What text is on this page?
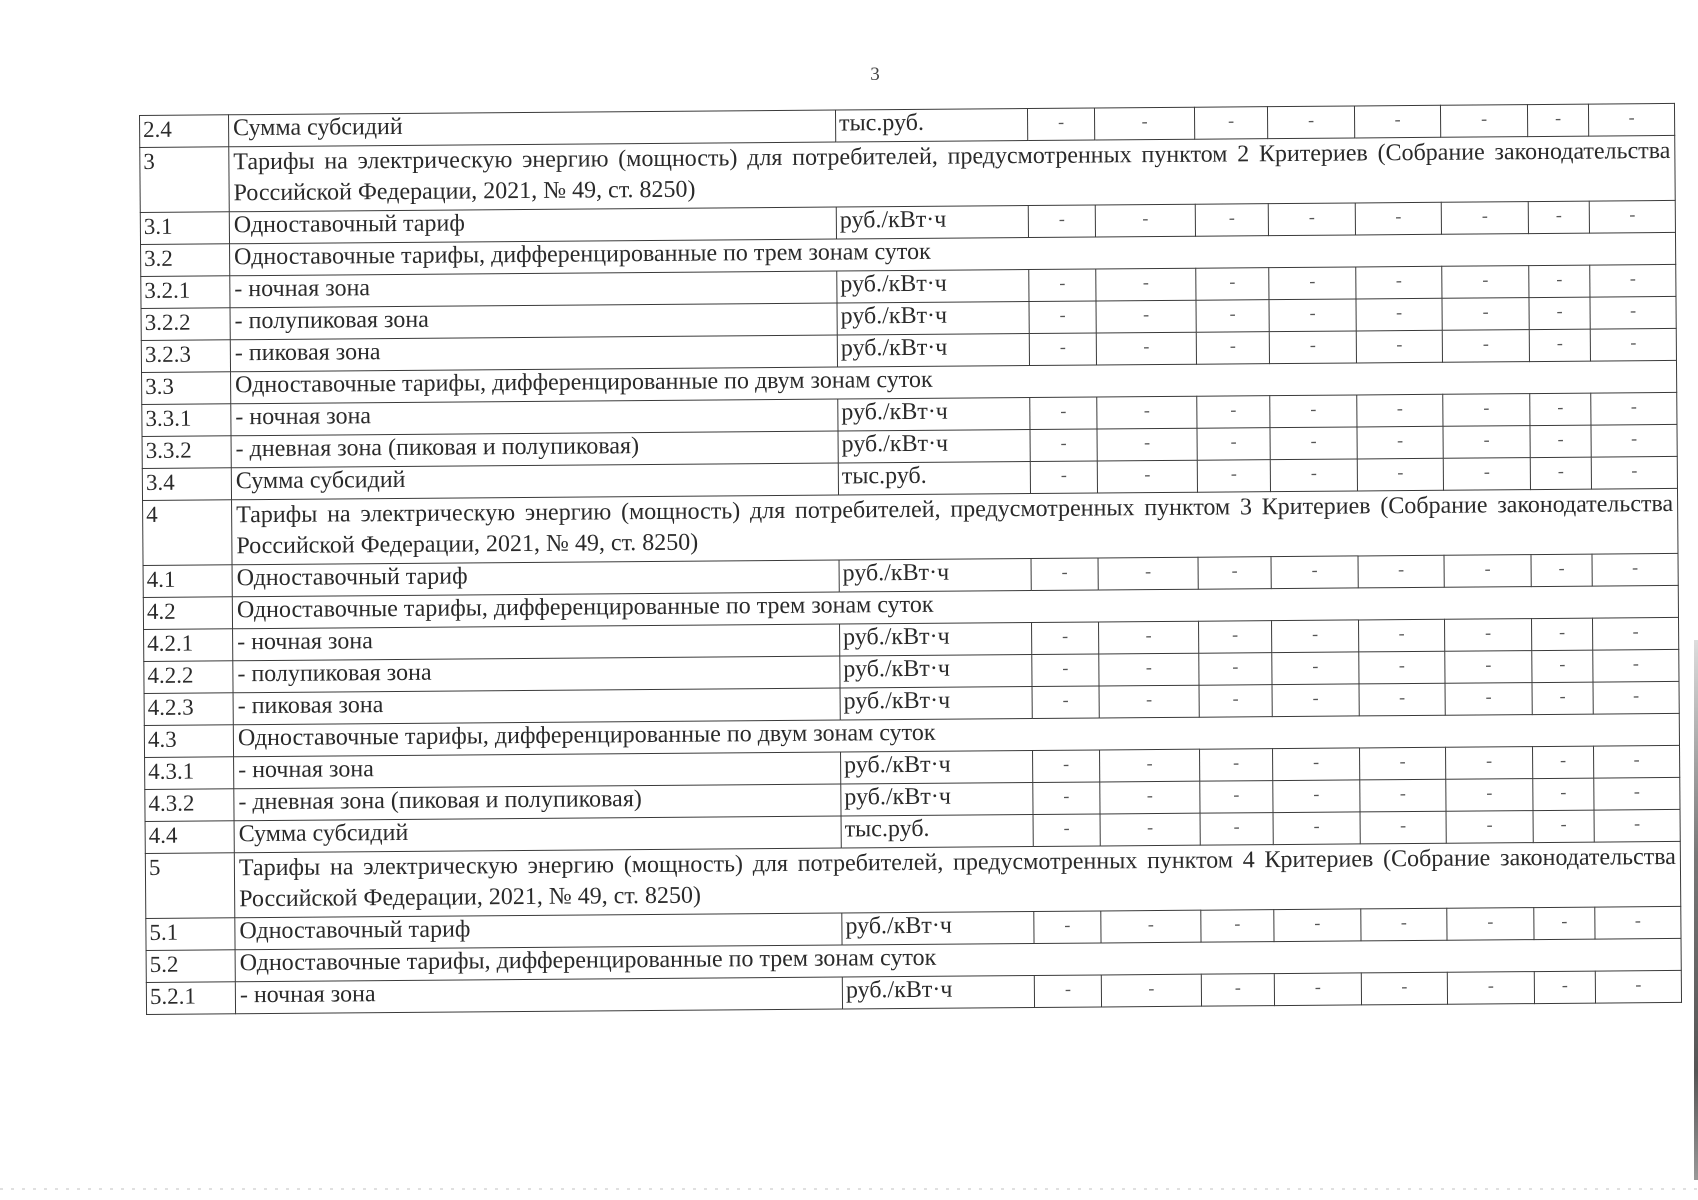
3
2.4	Сумма субсидий	тыс.руб.	-	-	-	-	-	-	-	-
3	Тарифы на электрическую энергию (мощность) для потребителей, предусмотренных пунктом 2 Критериев (Собрание законодательства Российской Федерации, 2021, № 49, ст. 8250)									
3.1	Одноставочный тариф	руб./кВт·ч	-	-	-	-	-	-	-	-
3.2	Одноставочные тарифы, дифференцированные по трем зонам суток									
3.2.1	- ночная зона	руб./кВт·ч	-	-	-	-	-	-	-	-
3.2.2	- полупиковая зона	руб./кВт·ч	-	-	-	-	-	-	-	-
3.2.3	- пиковая зона	руб./кВт·ч	-	-	-	-	-	-	-	-
3.3	Одноставочные тарифы, дифференцированные по двум зонам суток									
3.3.1	- ночная зона	руб./кВт·ч	-	-	-	-	-	-	-	-
3.3.2	- дневная зона (пиковая и полупиковая)	руб./кВт·ч	-	-	-	-	-	-	-	-
3.4	Сумма субсидий	тыс.руб.	-	-	-	-	-	-	-	-
4	Тарифы на электрическую энергию (мощность) для потребителей, предусмотренных пунктом 3 Критериев (Собрание законодательства Российской Федерации, 2021, № 49, ст. 8250)									
4.1	Одноставочный тариф	руб./кВт·ч	-	-	-	-	-	-	-	-
4.2	Одноставочные тарифы, дифференцированные по трем зонам суток									
4.2.1	- ночная зона	руб./кВт·ч	-	-	-	-	-	-	-	-
4.2.2	- полупиковая зона	руб./кВт·ч	-	-	-	-	-	-	-	-
4.2.3	- пиковая зона	руб./кВт·ч	-	-	-	-	-	-	-	-
4.3	Одноставочные тарифы, дифференцированные по двум зонам суток									
4.3.1	- ночная зона	руб./кВт·ч	-	-	-	-	-	-	-	-
4.3.2	- дневная зона (пиковая и полупиковая)	руб./кВт·ч	-	-	-	-	-	-	-	-
4.4	Сумма субсидий	тыс.руб.	-	-	-	-	-	-	-	-
5	Тарифы на электрическую энергию (мощность) для потребителей, предусмотренных пунктом 4 Критериев (Собрание законодательства Российской Федерации, 2021, № 49, ст. 8250)									
5.1	Одноставочный тариф	руб./кВт·ч	-	-	-	-	-	-	-	-
5.2	Одноставочные тарифы, дифференцированные по трем зонам суток									
5.2.1	- ночная зона	руб./кВт·ч	-	-	-	-	-	-	-	-
